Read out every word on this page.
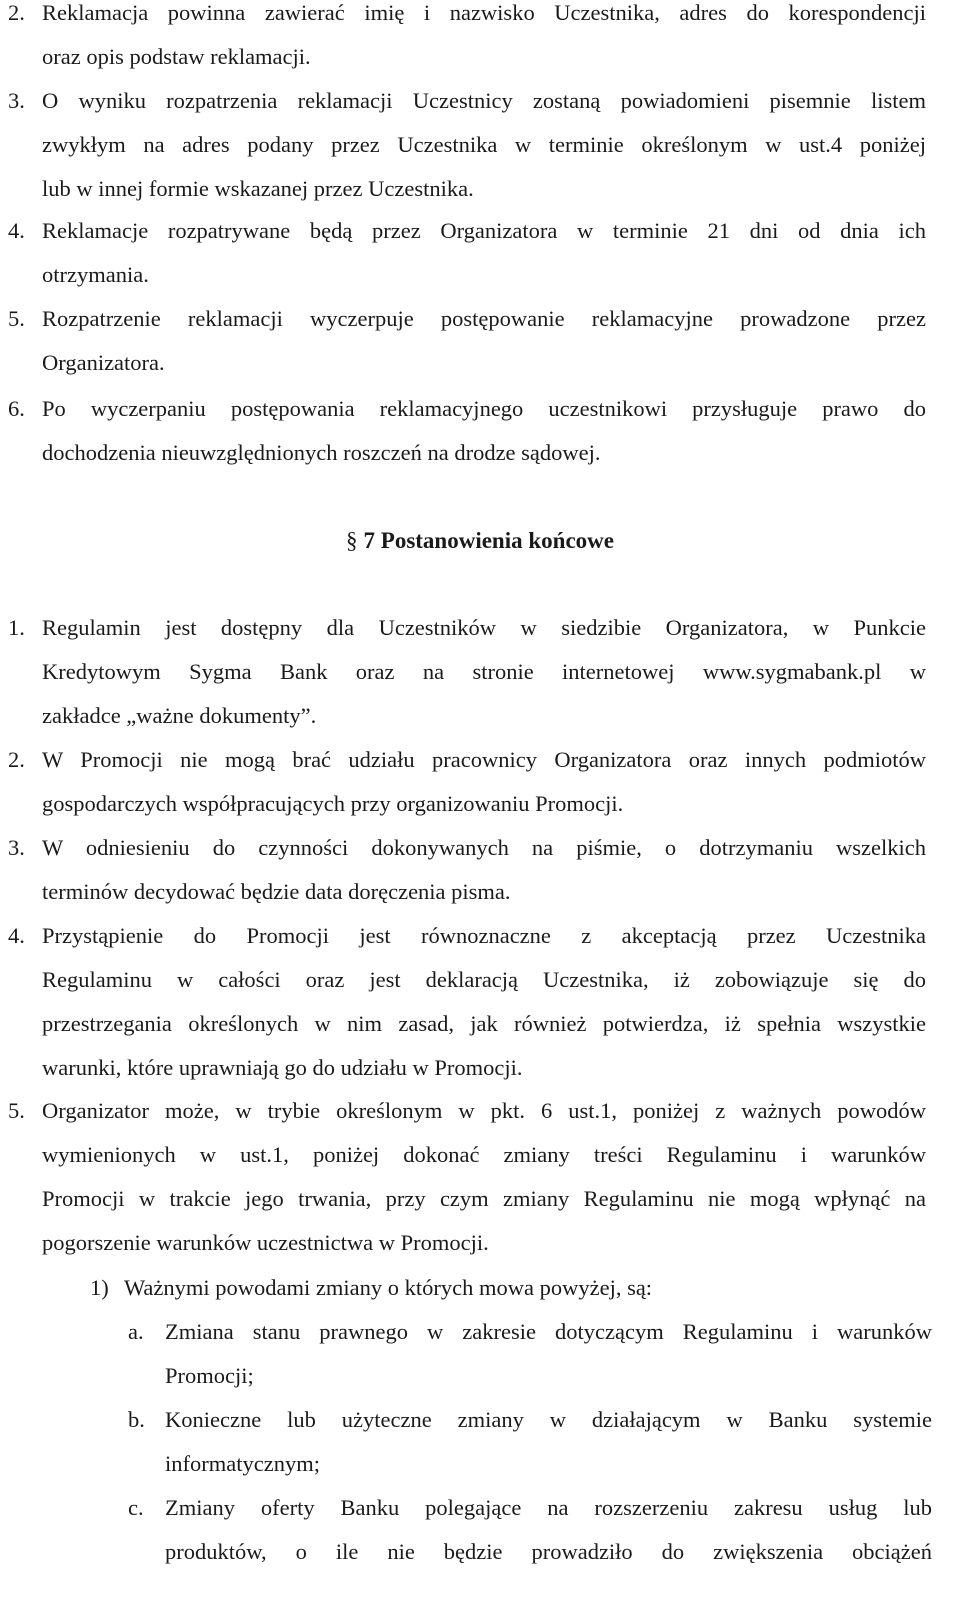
2. Reklamacja powinna zawierać imię i nazwisko Uczestnika, adres do korespondencji
oraz opis podstaw reklamacji.
3. O wyniku rozpatrzenia reklamacji Uczestnicy zostaną powiadomieni pisemnie listem
zwykłym na adres podany przez Uczestnika w terminie określonym w ust.4 poniżej
lub w innej formie wskazanej przez Uczestnika.
4. Reklamacje rozpatrywane będą przez Organizatora w terminie 21 dni od dnia ich
otrzymania.
5. Rozpatrzenie reklamacji wyczerpuje postępowanie reklamacyjne prowadzone przez
Organizatora.
6. Po wyczerpaniu postępowania reklamacyjnego uczestnikowi przysługuje prawo do
dochodzenia nieuwzględnionych roszczeń na drodze sądowej.
§ 7 Postanowienia końcowe
1. Regulamin jest dostępny dla Uczestników w siedzibie Organizatora, w Punkcie
Kredytowym Sygma Bank oraz na stronie internetowej www.sygmabank.pl w
zakładce „ważne dokumenty”.
2. W Promocji nie mogą brać udziału pracownicy Organizatora oraz innych podmiotów
gospodarczych współpracujących przy organizowaniu Promocji.
3. W odniesieniu do czynności dokonywanych na piśmie, o dotrzymaniu wszelkich
terminów decydować będzie data doręczenia pisma.
4. Przystąpienie do Promocji jest równoznaczne z akceptacją przez Uczestnika
Regulaminu w całości oraz jest deklaracją Uczestnika, iż zobowiązuje się do
przestrzegania określonych w nim zasad, jak również potwierdza, iż spełnia wszystkie
warunki, które uprawniają go do udziału w Promocji.
5. Organizator może, w trybie określonym w pkt. 6 ust.1, poniżej z ważnych powodów
wymienionych w ust.1, poniżej dokonać zmiany treści Regulaminu i warunków
Promocji w trakcie jego trwania, przy czym zmiany Regulaminu nie mogą wpłynąć na
pogorszenie warunków uczestnictwa w Promocji.
1) Ważnymi powodami zmiany o których mowa powyżej, są:
a. Zmiana stanu prawnego w zakresie dotyczącym Regulaminu i warunków
Promocji;
b. Konieczne lub użyteczne zmiany w działającym w Banku systemie
informatycznym;
c. Zmiany oferty Banku polegające na rozszerzeniu zakresu usług lub
produktów, o ile nie będzie prowadziło do zwiększenia obciążeń
